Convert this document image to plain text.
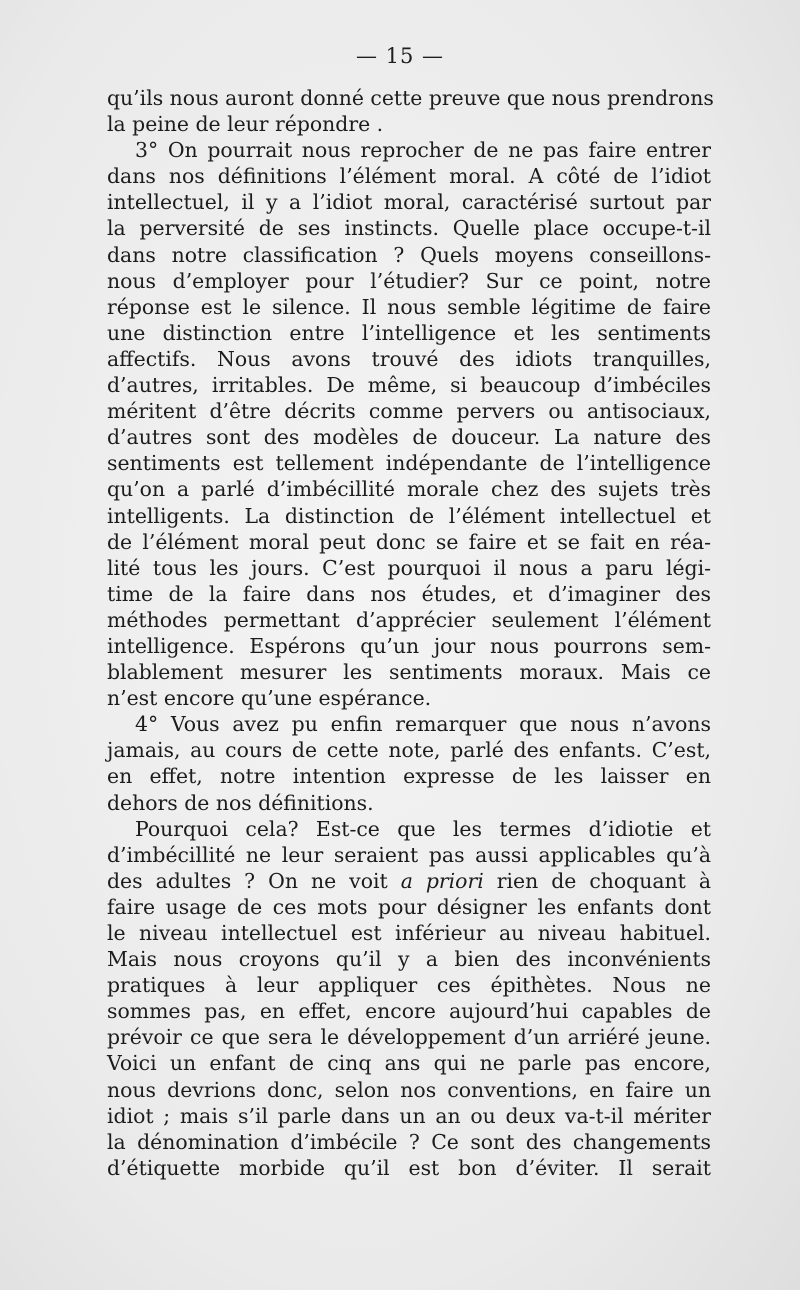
— 15 —
qu’ils nous auront donné cette preuve que nous prendrons
la peine de leur répondre .
3° On pourrait nous reprocher de ne pas faire entrer
dans nos définitions l’élément moral. A côté de l’idiot
intellectuel, il y a l’idiot moral, caractérisé surtout par
la perversité de ses instincts. Quelle place occupe-t-il
dans notre classification ? Quels moyens conseillons-
nous d’employer pour l’étudier? Sur ce point, notre
réponse est le silence. Il nous semble légitime de faire
une distinction entre l’intelligence et les sentiments
affectifs. Nous avons trouvé des idiots tranquilles,
d’autres, irritables. De même, si beaucoup d’imbéciles
méritent d’être décrits comme pervers ou antisociaux,
d’autres sont des modèles de douceur. La nature des
sentiments est tellement indépendante de l’intelligence
qu’on a parlé d’imbécillité morale chez des sujets très
intelligents. La distinction de l’élément intellectuel et
de l’élément moral peut donc se faire et se fait en réa-
lité tous les jours. C’est pourquoi il nous a paru légi-
time de la faire dans nos études, et d’imaginer des
méthodes permettant d’apprécier seulement l’élément
intelligence. Espérons qu’un jour nous pourrons sem-
blablement mesurer les sentiments moraux. Mais ce
n’est encore qu’une espérance.
4° Vous avez pu enfin remarquer que nous n’avons
jamais, au cours de cette note, parlé des enfants. C’est,
en effet, notre intention expresse de les laisser en
dehors de nos définitions.
Pourquoi cela? Est-ce que les termes d’idiotie et
d’imbécillité ne leur seraient pas aussi applicables qu’à
des adultes ? On ne voit a priori rien de choquant à
faire usage de ces mots pour désigner les enfants dont
le niveau intellectuel est inférieur au niveau habituel.
Mais nous croyons qu’il y a bien des inconvénients
pratiques à leur appliquer ces épithètes. Nous ne
sommes pas, en effet, encore aujourd’hui capables de
prévoir ce que sera le développement d’un arriéré jeune.
Voici un enfant de cinq ans qui ne parle pas encore,
nous devrions donc, selon nos conventions, en faire un
idiot ; mais s’il parle dans un an ou deux va-t-il mériter
la dénomination d’imbécile ? Ce sont des changements
d’étiquette morbide qu’il est bon d’éviter. Il serait
